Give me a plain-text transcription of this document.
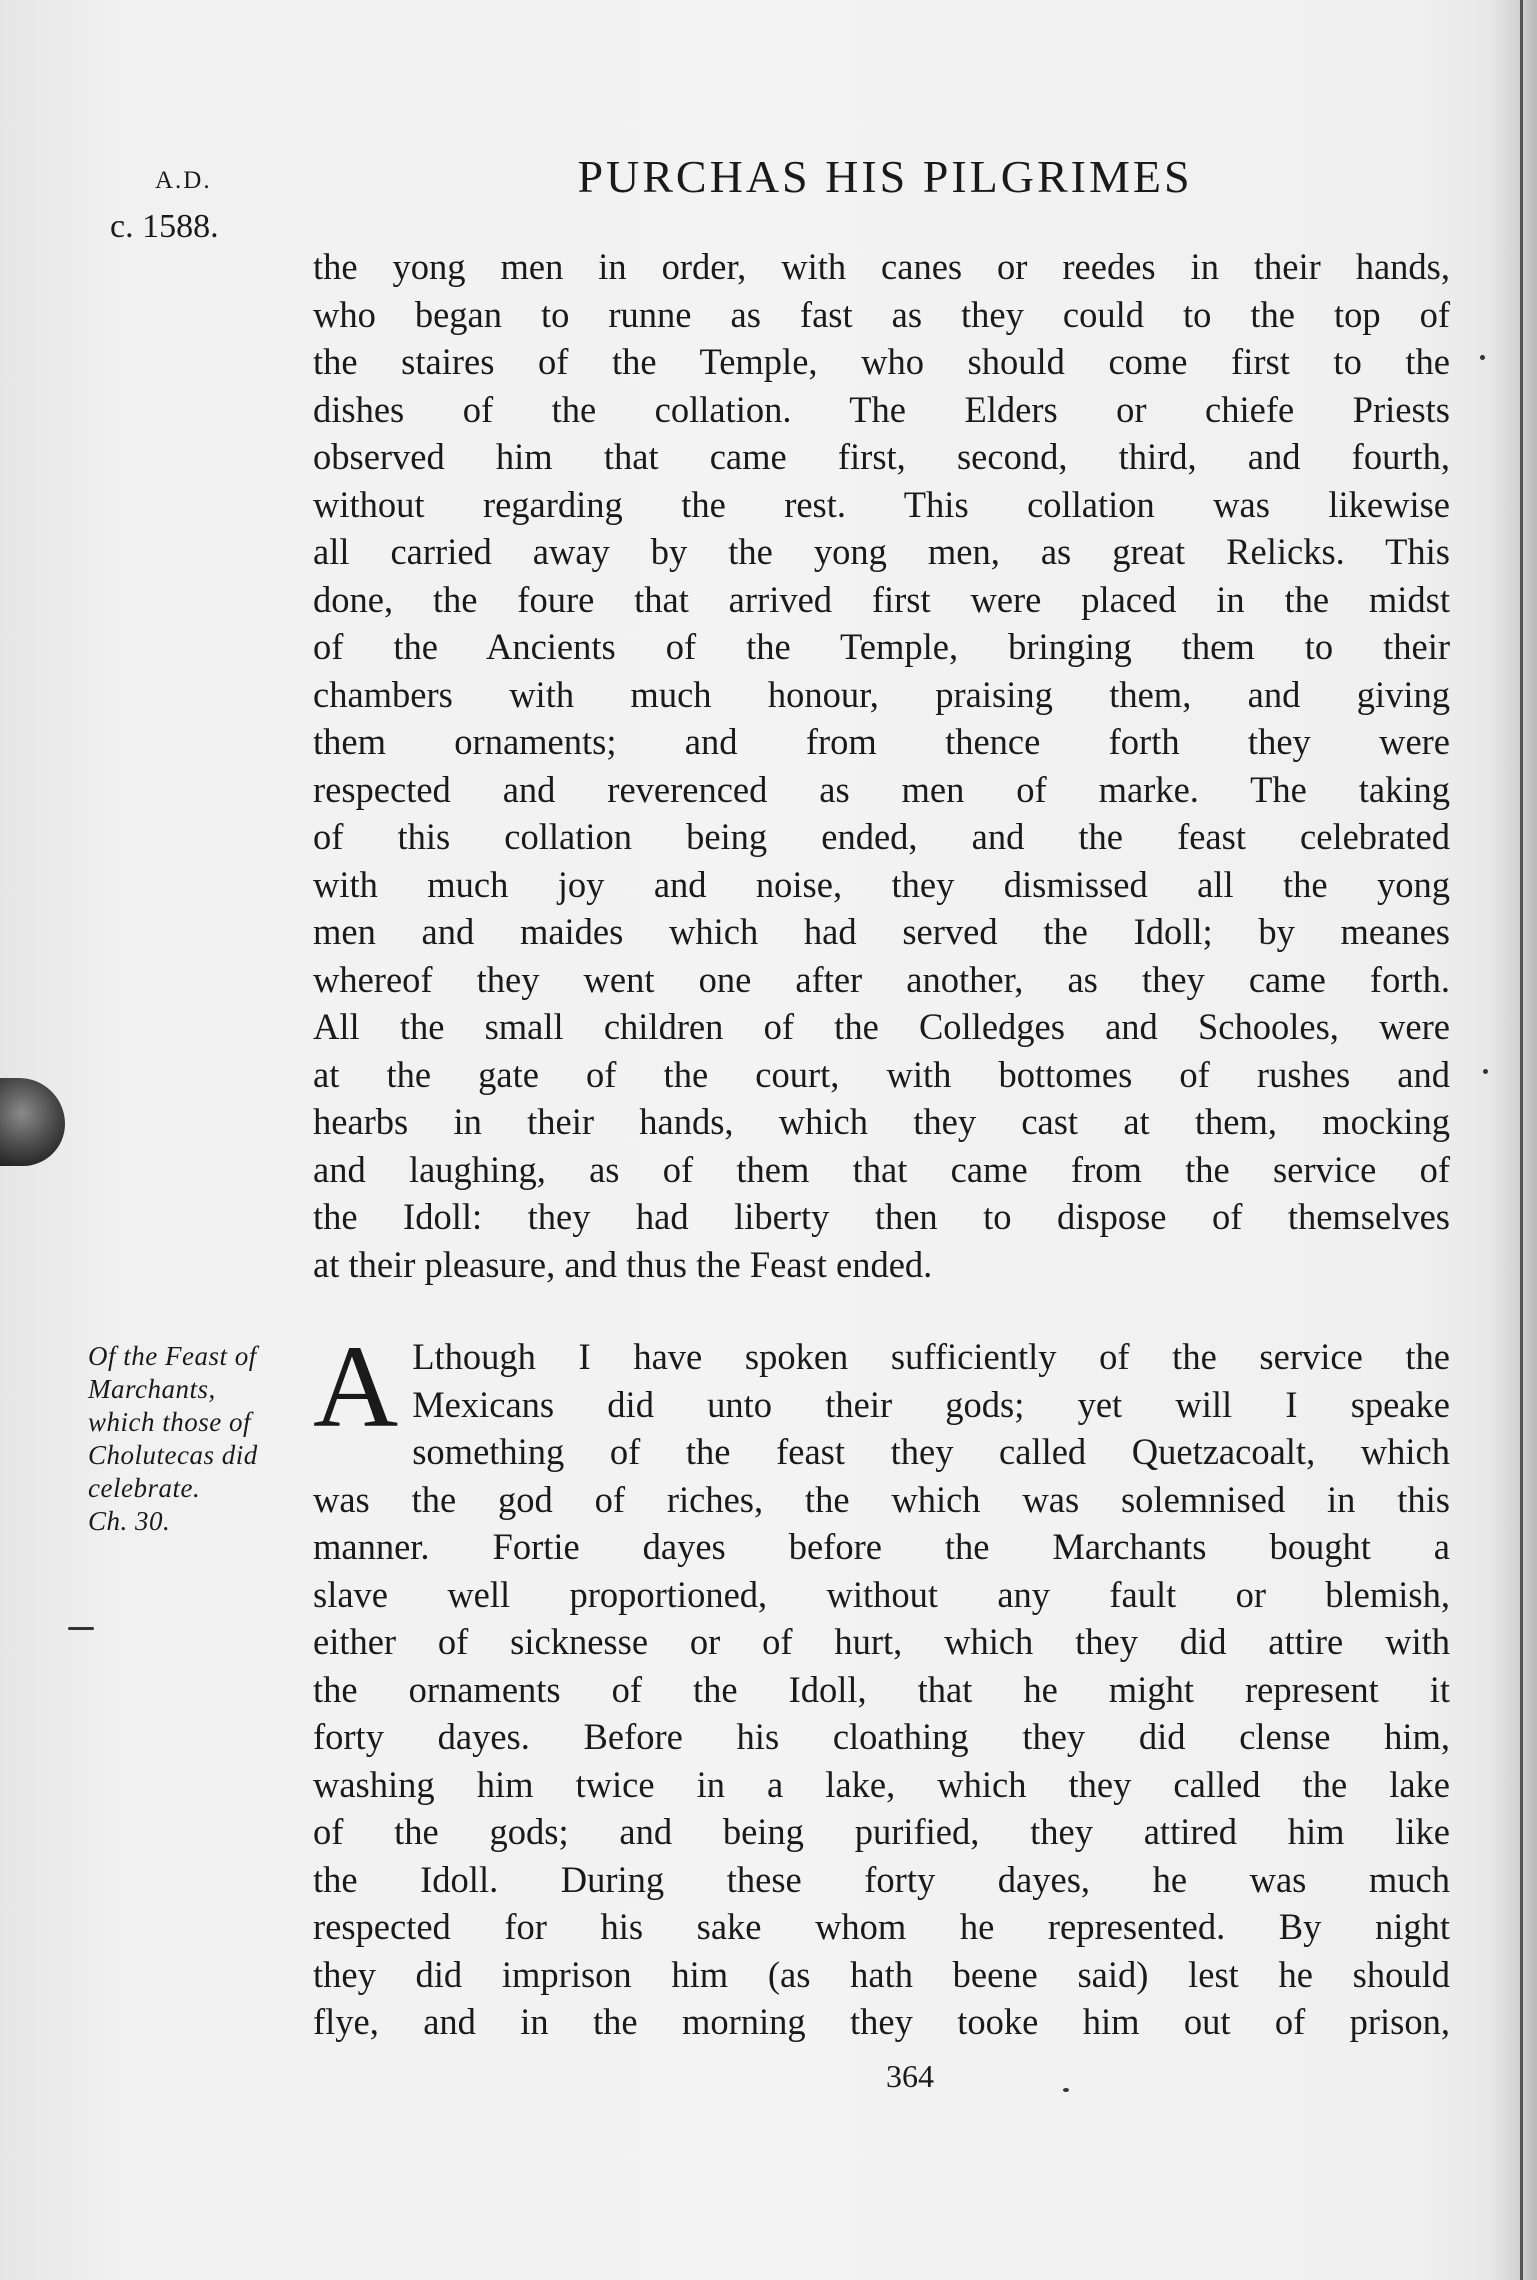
A.D.
c. 1588.
PURCHAS HIS PILGRIMES
the yong men in order, with canes or reedes in their hands,
who began to runne as fast as they could to the top of
the staires of the Temple, who should come first to the
dishes of the collation. The Elders or chiefe Priests
observed him that came first, second, third, and fourth,
without regarding the rest. This collation was likewise
all carried away by the yong men, as great Relicks. This
done, the foure that arrived first were placed in the midst
of the Ancients of the Temple, bringing them to their
chambers with much honour, praising them, and giving
them ornaments; and from thence forth they were
respected and reverenced as men of marke. The taking
of this collation being ended, and the feast celebrated
with much joy and noise, they dismissed all the yong
men and maides which had served the Idoll; by meanes
whereof they went one after another, as they came forth.
All the small children of the Colledges and Schooles, were
at the gate of the court, with bottomes of rushes and
hearbs in their hands, which they cast at them, mocking
and laughing, as of them that came from the service of
the Idoll: they had liberty then to dispose of themselves
at their pleasure, and thus the Feast ended.
Of the Feast of
Marchants,
which those of
Cholutecas did
celebrate.
Ch. 30.
A Lthough I have spoken sufficiently of the service the
Mexicans did unto their gods; yet will I speake
something of the feast they called Quetzacoalt, which
was the god of riches, the which was solemnised in this
manner. Fortie dayes before the Marchants bought a
slave well proportioned, without any fault or blemish,
either of sicknesse or of hurt, which they did attire with
the ornaments of the Idoll, that he might represent it
forty dayes. Before his cloathing they did clense him,
washing him twice in a lake, which they called the lake
of the gods; and being purified, they attired him like
the Idoll. During these forty dayes, he was much
respected for his sake whom he represented. By night
they did imprison him (as hath beene said) lest he should
flye, and in the morning they tooke him out of prison,
364
